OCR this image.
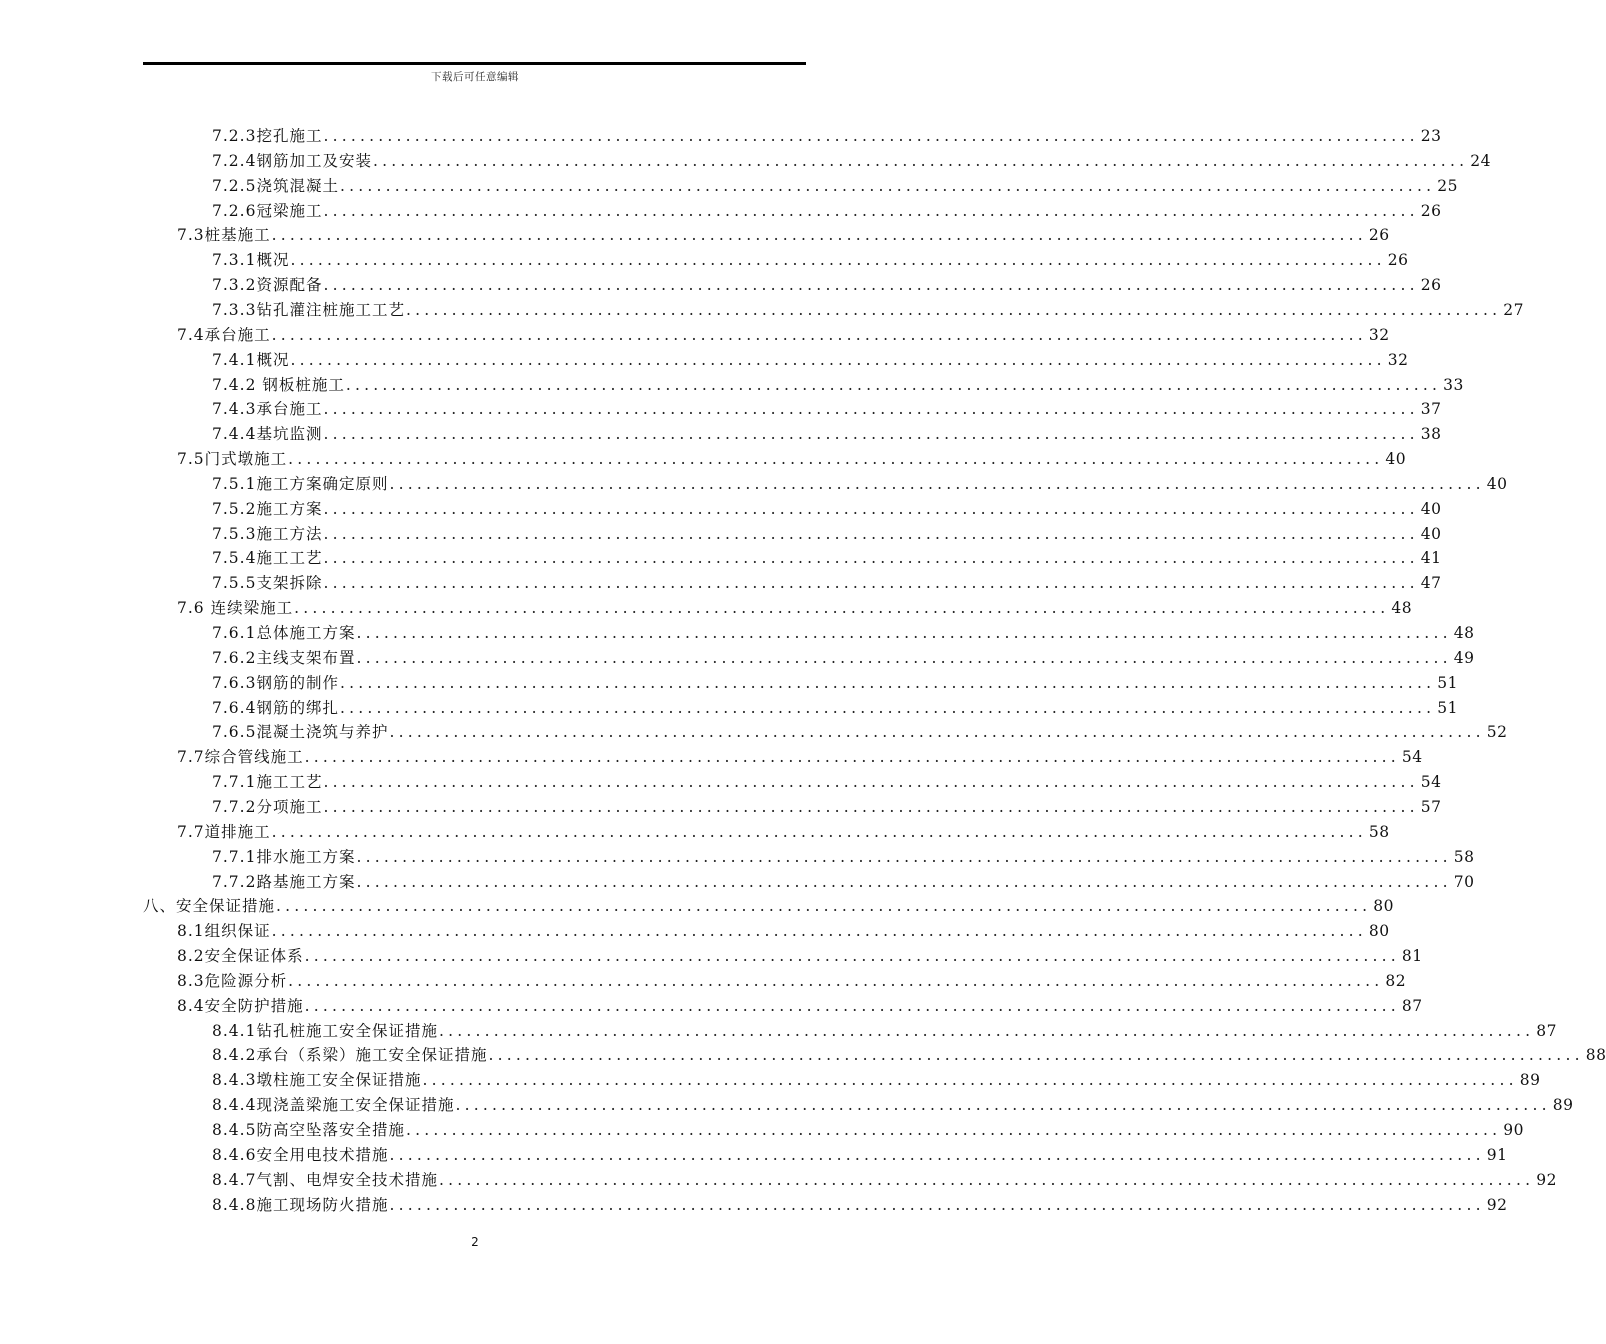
下载后可任意编辑
7.2.3挖孔施工 ........................................................................................................................ 23
7.2.4钢筋加工及安装 ........................................................................................................................ 24
7.2.5浇筑混凝土 ........................................................................................................................ 25
7.2.6冠梁施工 ........................................................................................................................ 26
7.3桩基施工 ........................................................................................................................ 26
7.3.1概况 ........................................................................................................................ 26
7.3.2资源配备 ........................................................................................................................ 26
7.3.3钻孔灌注桩施工工艺 ........................................................................................................................ 27
7.4承台施工 ........................................................................................................................ 32
7.4.1概况 ........................................................................................................................ 32
7.4.2 钢板桩施工 ........................................................................................................................ 33
7.4.3承台施工 ........................................................................................................................ 37
7.4.4基坑监测 ........................................................................................................................ 38
7.5门式墩施工 ........................................................................................................................ 40
7.5.1施工方案确定原则 ........................................................................................................................ 40
7.5.2施工方案 ........................................................................................................................ 40
7.5.3施工方法 ........................................................................................................................ 40
7.5.4施工工艺 ........................................................................................................................ 41
7.5.5支架拆除 ........................................................................................................................ 47
7.6 连续梁施工 ........................................................................................................................ 48
7.6.1总体施工方案 ........................................................................................................................ 48
7.6.2主线支架布置 ........................................................................................................................ 49
7.6.3钢筋的制作 ........................................................................................................................ 51
7.6.4钢筋的绑扎 ........................................................................................................................ 51
7.6.5混凝土浇筑与养护 ........................................................................................................................ 52
7.7综合管线施工 ........................................................................................................................ 54
7.7.1施工工艺 ........................................................................................................................ 54
7.7.2分项施工 ........................................................................................................................ 57
7.7道排施工 ........................................................................................................................ 58
7.7.1排水施工方案 ........................................................................................................................ 58
7.7.2路基施工方案 ........................................................................................................................ 70
八、安全保证措施 ........................................................................................................................ 80
8.1组织保证 ........................................................................................................................ 80
8.2安全保证体系 ........................................................................................................................ 81
8.3危险源分析 ........................................................................................................................ 82
8.4安全防护措施 ........................................................................................................................ 87
8.4.1钻孔桩施工安全保证措施 ........................................................................................................................ 87
8.4.2承台（系梁）施工安全保证措施 ........................................................................................................................ 88
8.4.3墩柱施工安全保证措施 ........................................................................................................................ 89
8.4.4现浇盖梁施工安全保证措施 ........................................................................................................................ 89
8.4.5防高空坠落安全措施 ........................................................................................................................ 90
8.4.6安全用电技术措施 ........................................................................................................................ 91
8.4.7气割、电焊安全技术措施 ........................................................................................................................ 92
8.4.8施工现场防火措施 ........................................................................................................................ 92
2
